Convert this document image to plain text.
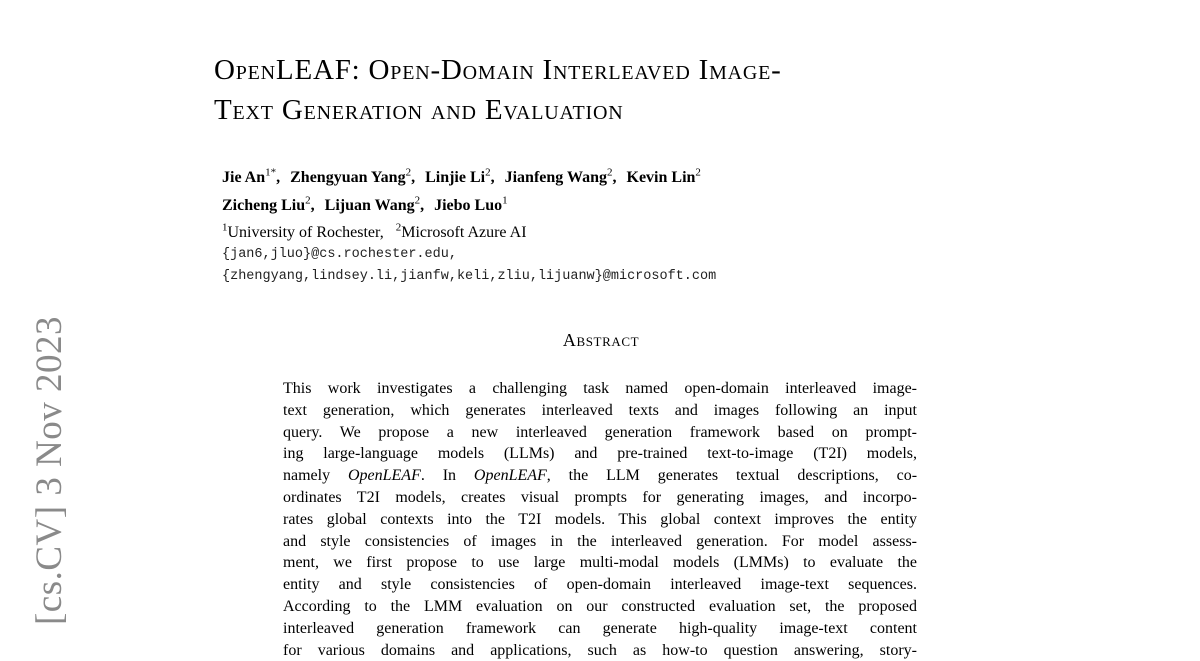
[cs.CV] 3 Nov 2023
OpenLEAF: Open-Domain Interleaved Image-
Text Generation and Evaluation
Jie $An^{1*}$, Zhengyuan Yang$^2$, Linjie Li$^2$, Jianfeng Wang$^2$, Kevin Lin$^2$
Zicheng Liu$^2$, Lijuan Wang$^2$, Jiebo Luo$^1$
$^1$University of Rochester, $^2$Microsoft Azure AI
{jan6,jluo}@cs.rochester.edu,
{zhengyang,lindsey.li,jianfw,keli,zliu,lijuanw}@microsoft.com
Abstract
This work investigates a challenging task named open-domain interleaved image-
text generation, which generates interleaved texts and images following an input
query. We propose a new interleaved generation framework based on prompt-
ing large-language models (LLMs) and pre-trained text-to-image (T2I) models,
namely OpenLEAF. In OpenLEAF, the LLM generates textual descriptions, co-
ordinates T2I models, creates visual prompts for generating images, and incorpo-
rates global contexts into the T2I models. This global context improves the entity
and style consistencies of images in the interleaved generation. For model assess-
ment, we first propose to use large multi-modal models (LMMs) to evaluate the
entity and style consistencies of open-domain interleaved image-text sequences.
According to the LMM evaluation on our constructed evaluation set, the proposed
interleaved generation framework can generate high-quality image-text content
for various domains and applications, such as how-to question answering, story-
